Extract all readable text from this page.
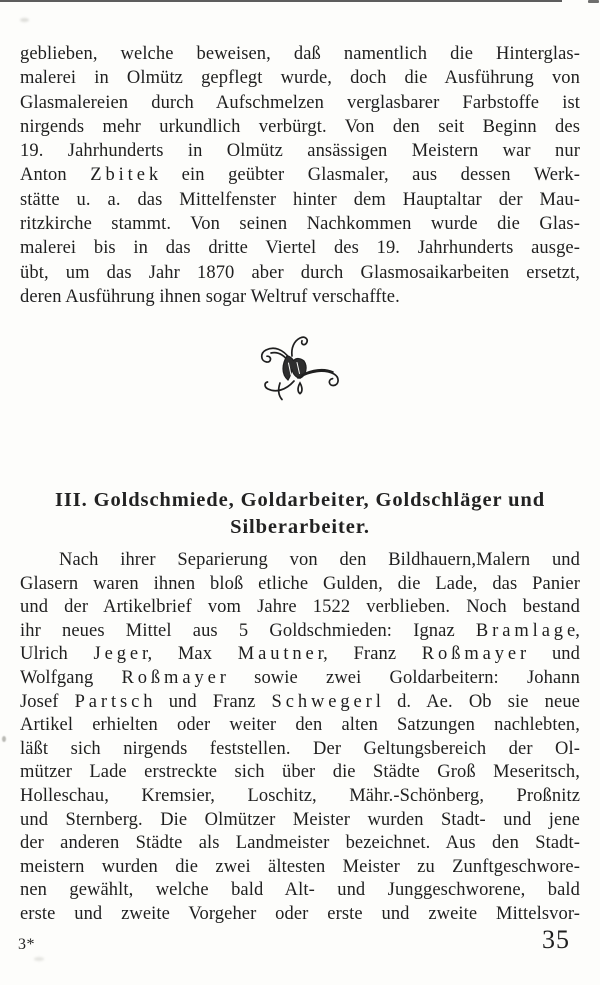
geblieben, welche beweisen, daß namentlich die Hinterglas-
malerei in Olmütz gepflegt wurde, doch die Ausführung von
Glasmalereien durch Aufschmelzen verglasbarer Farbstoffe ist
nirgends mehr urkundlich verbürgt. Von den seit Beginn des
19. Jahrhunderts in Olmütz ansässigen Meistern war nur
Anton Z b i t e k ein geübter Glasmaler, aus dessen Werk-
stätte u. a. das Mittelfenster hinter dem Hauptaltar der Mau-
ritzkirche stammt. Von seinen Nachkommen wurde die Glas-
malerei bis in das dritte Viertel des 19. Jahrhunderts ausge-
übt, um das Jahr 1870 aber durch Glasmosaikarbeiten ersetzt,
deren Ausführung ihnen sogar Weltruf verschaffte.
III. Goldschmiede, Goldarbeiter, Goldschläger und
Silberarbeiter.
Nach ihrer Separierung von den Bildhauern,Malern und
Glasern waren ihnen bloß etliche Gulden, die Lade, das Panier
und der Artikelbrief vom Jahre 1522 verblieben. Noch bestand
ihr neues Mittel aus 5 Goldschmieden: Ignaz B r a m l a g e,
Ulrich J e g e r, Max M a u t n e r, Franz R o ß m a y e r und
Wolfgang R o ß m a y e r sowie zwei Goldarbeitern: Johann
Josef P a r t s c h und Franz S c h w e g e r l d. Ae. Ob sie neue
Artikel erhielten oder weiter den alten Satzungen nachlebten,
läßt sich nirgends feststellen. Der Geltungsbereich der Ol-
mützer Lade erstreckte sich über die Städte Groß Meseritsch,
Holleschau, Kremsier, Loschitz, Mähr.-Schönberg, Proßnitz
und Sternberg. Die Olmützer Meister wurden Stadt- und jene
der anderen Städte als Landmeister bezeichnet. Aus den Stadt-
meistern wurden die zwei ältesten Meister zu Zunftgeschwore-
nen gewählt, welche bald Alt- und Junggeschworene, bald
erste und zweite Vorgeher oder erste und zweite Mittelsvor-
3*	35
